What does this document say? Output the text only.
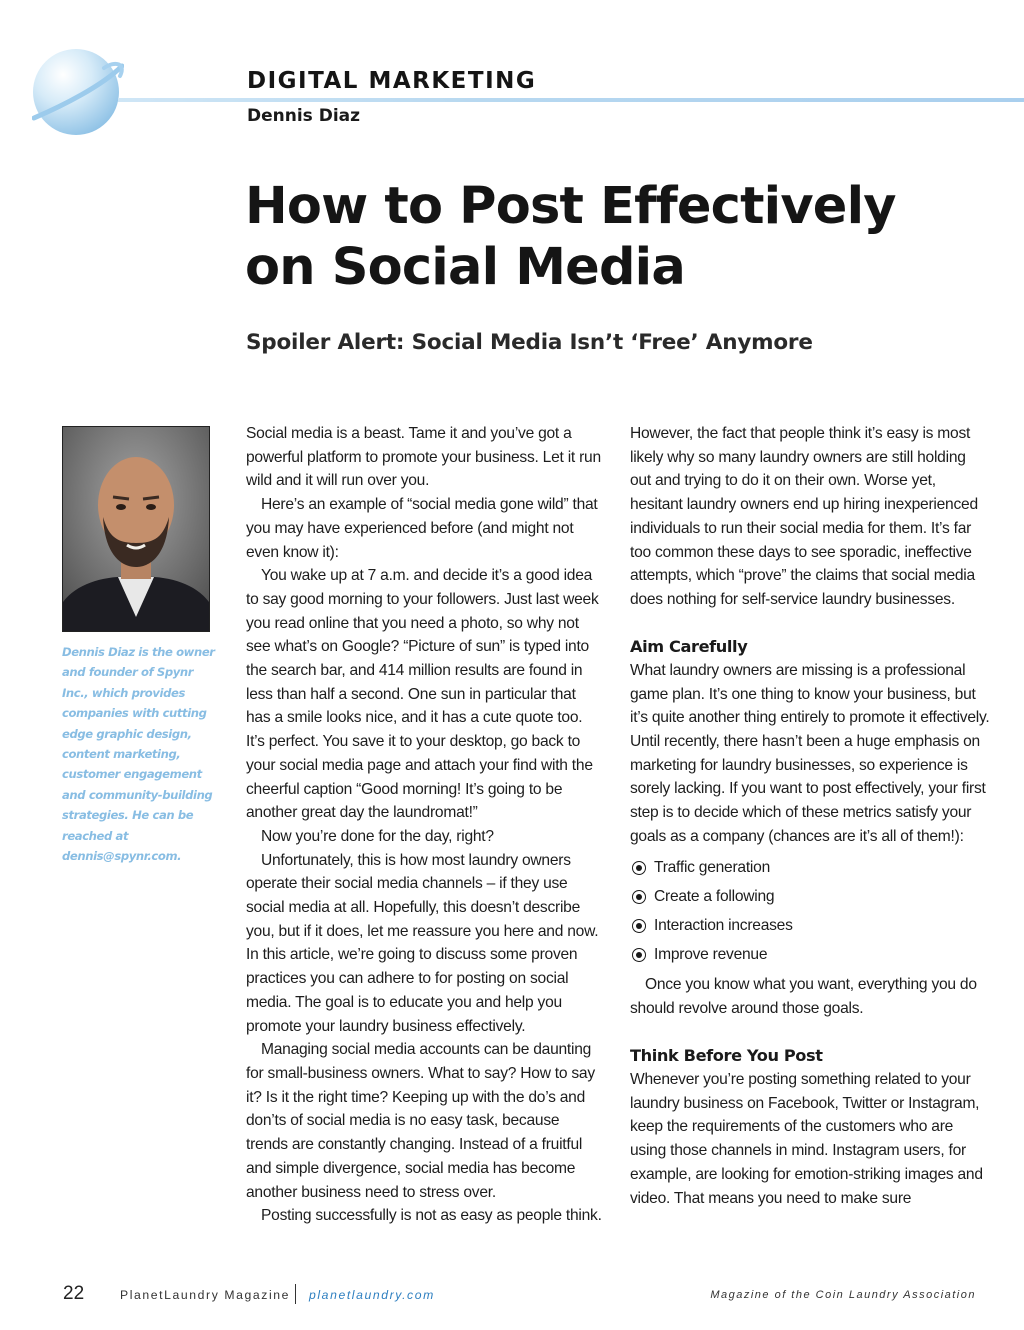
DIGITAL MARKETING
Dennis Diaz
How to Post Effectively
on Social Media
Spoiler Alert: Social Media Isn’t ‘Free’ Anymore
Dennis Diaz is the owner and founder of Spynr Inc., which provides companies with cutting edge graphic design, content marketing, customer engagement and community-building strategies. He can be reached at dennis@spynr.com.

Social media is a beast. Tame it and you’ve got a powerful platform to promote your business. Let it run wild and it will run over you.

Here’s an example of “social media gone wild” that you may have experienced before (and might not even know it):

You wake up at 7 a.m. and decide it’s a good idea to say good morning to your followers. Just last week you read online that you need a photo, so why not see what’s on Google? “Picture of sun” is typed into the search bar, and 414 million results are found in less than half a second. One sun in particular that has a smile looks nice, and it has a cute quote too. It’s perfect. You save it to your desktop, go back to your social media page and attach your find with the cheerful caption “Good morning! It’s going to be another great day the laundromat!”

Now you’re done for the day, right?

Unfortunately, this is how most laundry owners operate their social media channels – if they use social media at all. Hopefully, this doesn’t describe you, but if it does, let me reassure you here and now. In this article, we’re going to discuss some proven practices you can adhere to for posting on social media. The goal is to educate you and help you promote your laundry business effectively.

Managing social media accounts can be daunting for small-business owners. What to say? How to say it? Is it the right time? Keeping up with the do’s and don’ts of social media is no easy task, because trends are constantly changing. Instead of a fruitful and simple divergence, social media has become another business need to stress over.

Posting successfully is not as easy as people think.

However, the fact that people think it’s easy is most likely why so many laundry owners are still holding out and trying to do it on their own. Worse yet, hesitant laundry owners end up hiring inexperienced individuals to run their social media for them. It’s far too common these days to see sporadic, ineffective attempts, which “prove” the claims that social media does nothing for self-service laundry businesses.

Aim Carefully

What laundry owners are missing is a professional game plan. It’s one thing to know your business, but it’s quite another thing entirely to promote it effectively. Until recently, there hasn’t been a huge emphasis on marketing for laundry businesses, so experience is sorely lacking. If you want to post effectively, your first step is to decide which of these metrics satisfy your goals as a company (chances are it’s all of them!):

Traffic generation
Create a following
Interaction increases
Improve revenue

Once you know what you want, everything you do should revolve around those goals.

Think Before You Post

Whenever you’re posting something related to your laundry business on Facebook, Twitter or Instagram, keep the requirements of the customers who are using those channels in mind. Instagram users, for example, are looking for emotion-striking images and video. That means you need to make sure

22	PlanetLaundry Magazine planetlaundry.com	Magazine of the Coin Laundry Association
